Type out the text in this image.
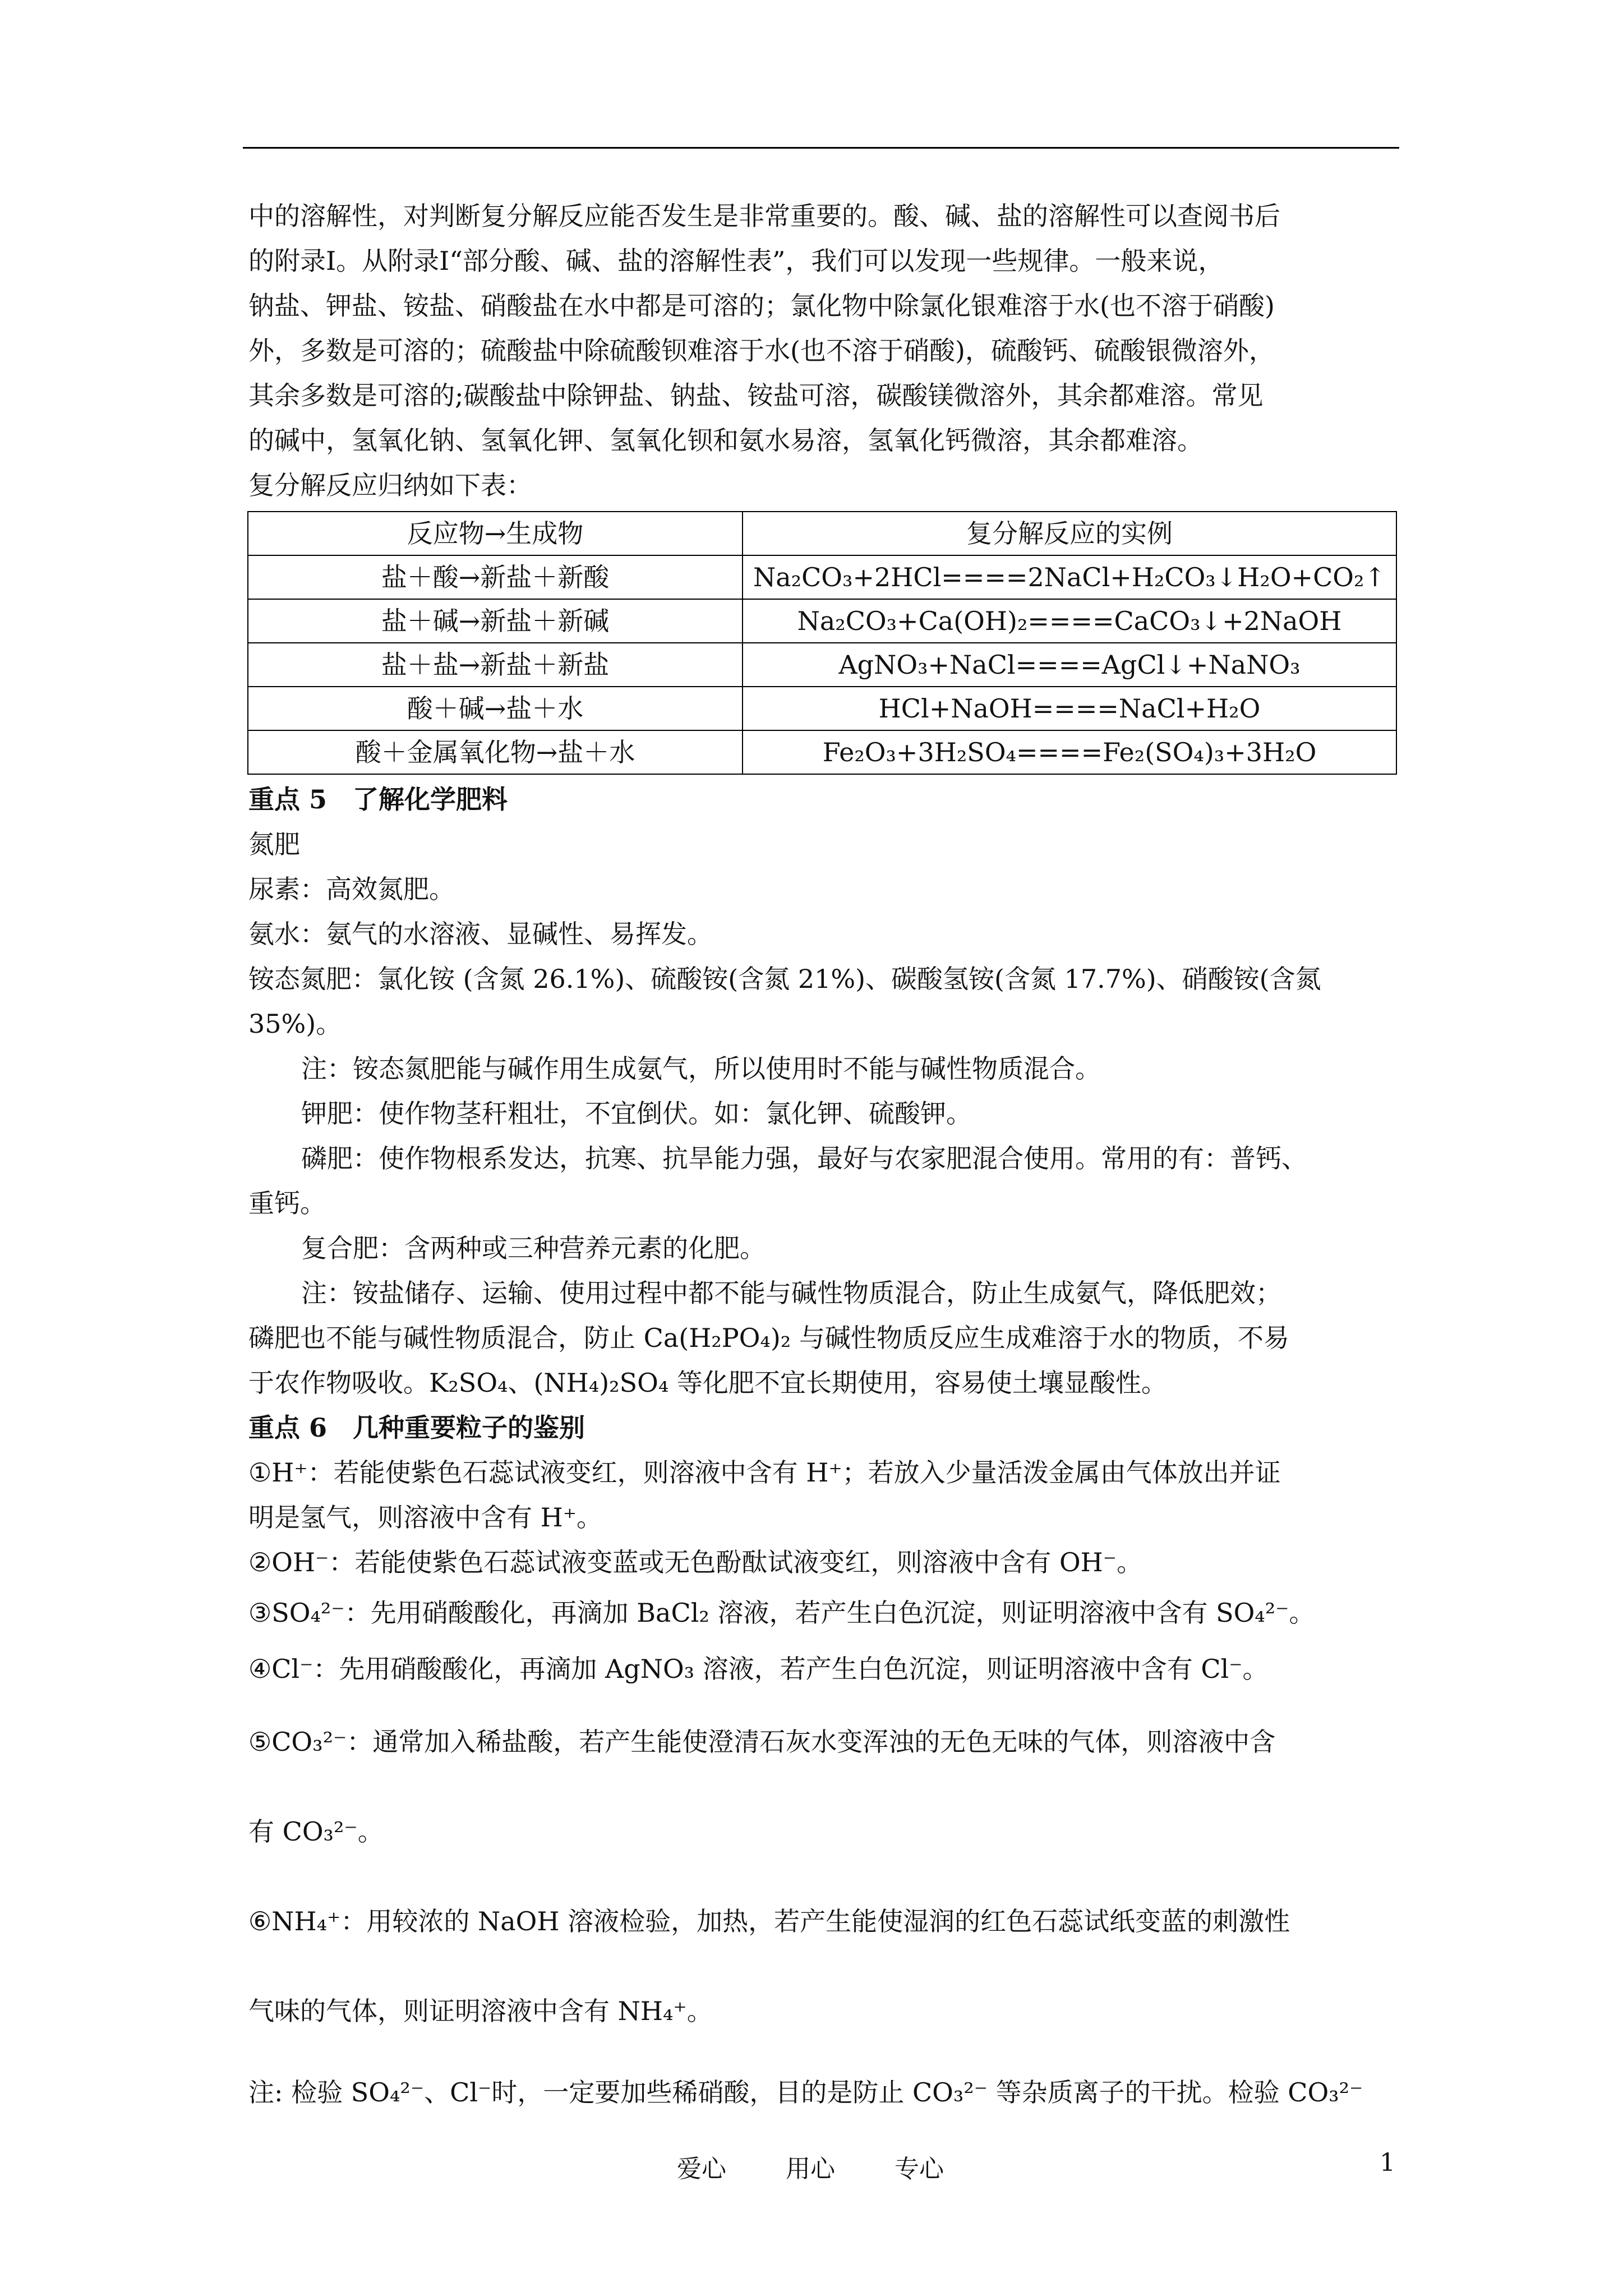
中的溶解性，对判断复分解反应能否发生是非常重要的。酸、碱、盐的溶解性可以查阅书后
的附录Ⅰ。从附录Ⅰ“部分酸、碱、盐的溶解性表”，我们可以发现一些规律。一般来说，
钠盐、钾盐、铵盐、硝酸盐在水中都是可溶的；氯化物中除氯化银难溶于水(也不溶于硝酸)
外，多数是可溶的；硫酸盐中除硫酸钡难溶于水(也不溶于硝酸)，硫酸钙、硫酸银微溶外，
其余多数是可溶的;碳酸盐中除钾盐、钠盐、铵盐可溶，碳酸镁微溶外，其余都难溶。常见
的碱中，氢氧化钠、氢氧化钾、氢氧化钡和氨水易溶，氢氧化钙微溶，其余都难溶。
复分解反应归纳如下表：
反应物→生成物	复分解反应的实例
盐＋酸→新盐＋新酸	Na₂CO₃+2HCl====2NaCl+H₂CO₃↓H₂O+CO₂↑
盐＋碱→新盐＋新碱	Na₂CO₃+Ca(OH)₂====CaCO₃↓+2NaOH
盐＋盐→新盐＋新盐	AgNO₃+NaCl====AgCl↓+NaNO₃
酸＋碱→盐＋水	HCl+NaOH====NaCl+H₂O
酸＋金属氧化物→盐＋水	Fe₂O₃+3H₂SO₄====Fe₂(SO₄)₃+3H₂O
重点 5　了解化学肥料
氮肥
尿素：高效氮肥。
氨水：氨气的水溶液、显碱性、易挥发。
铵态氮肥：氯化铵 (含氮 26.1%)、硫酸铵(含氮 21%)、碳酸氢铵(含氮 17.7%)、硝酸铵(含氮
35%)。
注：铵态氮肥能与碱作用生成氨气，所以使用时不能与碱性物质混合。
钾肥：使作物茎秆粗壮，不宜倒伏。如：氯化钾、硫酸钾。
磷肥：使作物根系发达，抗寒、抗旱能力强，最好与农家肥混合使用。常用的有：普钙、
重钙。
复合肥：含两种或三种营养元素的化肥。
注：铵盐储存、运输、使用过程中都不能与碱性物质混合，防止生成氨气，降低肥效；
磷肥也不能与碱性物质混合，防止 Ca(H₂PO₄)₂ 与碱性物质反应生成难溶于水的物质，不易
于农作物吸收。K₂SO₄、(NH₄)₂SO₄ 等化肥不宜长期使用，容易使土壤显酸性。
重点 6　几种重要粒子的鉴别
①H⁺：若能使紫色石蕊试液变红，则溶液中含有 H⁺；若放入少量活泼金属由气体放出并证
明是氢气，则溶液中含有 H⁺。
②OH⁻：若能使紫色石蕊试液变蓝或无色酚酞试液变红，则溶液中含有 OH⁻。
③SO₄²⁻：先用硝酸酸化，再滴加 BaCl₂ 溶液，若产生白色沉淀，则证明溶液中含有 SO₄²⁻。
④Cl⁻：先用硝酸酸化，再滴加 AgNO₃ 溶液，若产生白色沉淀，则证明溶液中含有 Cl⁻。
⑤CO₃²⁻：通常加入稀盐酸，若产生能使澄清石灰水变浑浊的无色无味的气体，则溶液中含
有 CO₃²⁻。
⑥NH₄⁺：用较浓的 NaOH 溶液检验，加热，若产生能使湿润的红色石蕊试纸变蓝的刺激性
气味的气体，则证明溶液中含有 NH₄⁺。
注: 检验 SO₄²⁻、Cl⁻时，一定要加些稀硝酸，目的是防止 CO₃²⁻ 等杂质离子的干扰。检验 CO₃²⁻
爱心 用心 专心	1
